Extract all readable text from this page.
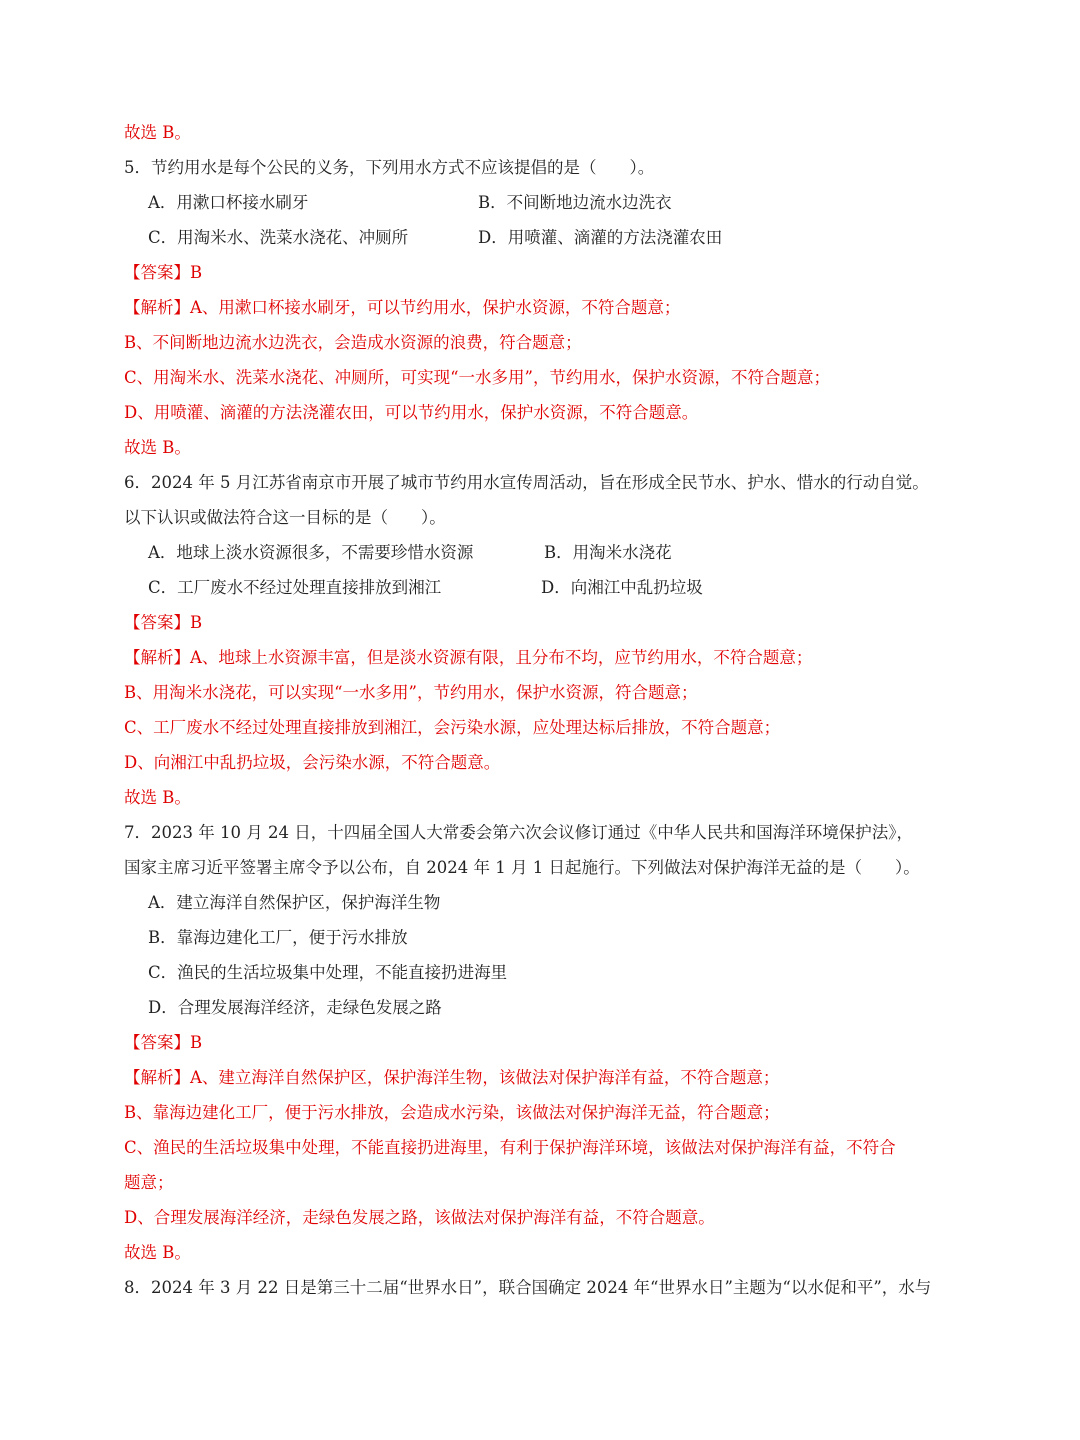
故选 B。
5．节约用水是每个公民的义务，下列用水方式不应该提倡的是（　　）。
A．用漱口杯接水刷牙	B．不间断地边流水边洗衣
C．用淘米水、洗菜水浇花、冲厕所	D．用喷灌、滴灌的方法浇灌农田
【答案】B
【解析】A、用漱口杯接水刷牙，可以节约用水，保护水资源，不符合题意；
B、不间断地边流水边洗衣，会造成水资源的浪费，符合题意；
C、用淘米水、洗菜水浇花、冲厕所，可实现“一水多用”，节约用水，保护水资源，不符合题意；
D、用喷灌、滴灌的方法浇灌农田，可以节约用水，保护水资源，不符合题意。
故选 B。
6．2024 年 5 月江苏省南京市开展了城市节约用水宣传周活动，旨在形成全民节水、护水、惜水的行动自觉。
以下认识或做法符合这一目标的是（　　）。
A．地球上淡水资源很多，不需要珍惜水资源	B．用淘米水浇花
C．工厂废水不经过处理直接排放到湘江	D．向湘江中乱扔垃圾
【答案】B
【解析】A、地球上水资源丰富，但是淡水资源有限，且分布不均，应节约用水，不符合题意；
B、用淘米水浇花，可以实现“一水多用”，节约用水，保护水资源，符合题意；
C、工厂废水不经过处理直接排放到湘江，会污染水源，应处理达标后排放，不符合题意；
D、向湘江中乱扔垃圾，会污染水源，不符合题意。
故选 B。
7．2023 年 10 月 24 日，十四届全国人大常委会第六次会议修订通过《中华人民共和国海洋环境保护法》，
国家主席习近平签署主席令予以公布，自 2024 年 1 月 1 日起施行。下列做法对保护海洋无益的是（　　）。
A．建立海洋自然保护区，保护海洋生物
B．靠海边建化工厂，便于污水排放
C．渔民的生活垃圾集中处理，不能直接扔进海里
D．合理发展海洋经济，走绿色发展之路
【答案】B
【解析】A、建立海洋自然保护区，保护海洋生物，该做法对保护海洋有益，不符合题意；
B、靠海边建化工厂，便于污水排放，会造成水污染，该做法对保护海洋无益，符合题意；
C、渔民的生活垃圾集中处理，不能直接扔进海里，有利于保护海洋环境，该做法对保护海洋有益，不符合
题意；
D、合理发展海洋经济，走绿色发展之路，该做法对保护海洋有益，不符合题意。
故选 B。
8．2024 年 3 月 22 日是第三十二届“世界水日”，联合国确定 2024 年“世界水日”主题为“以水促和平”，水与
